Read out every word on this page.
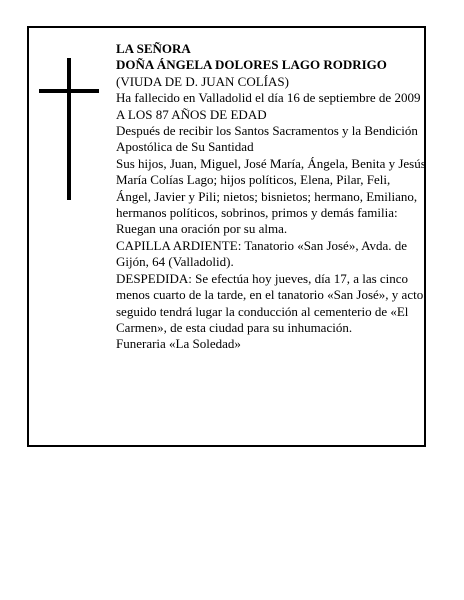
LA SEÑORA

DOÑA ÁNGELA DOLORES LAGO RODRIGO

(VIUDA DE D. JUAN COLÍAS)

Ha fallecido en Valladolid el día 16 de septiembre de 2009

A LOS 87 AÑOS DE EDAD

Después de recibir los Santos Sacramentos y la Bendición Apostólica de Su Santidad

Sus hijos, Juan, Miguel, José María, Ángela, Benita y Jesús María Colías Lago; hijos políticos, Elena, Pilar, Feli, Ángel, Javier y Pili; nietos; bisnietos; hermano, Emiliano, hermanos políticos, sobrinos, primos y demás familia:

Ruegan una oración por su alma.

CAPILLA ARDIENTE: Tanatorio «San José», Avda. de Gijón, 64 (Valladolid).

DESPEDIDA: Se efectúa hoy jueves, día 17, a las cinco menos cuarto de la tarde, en el tanatorio «San José», y acto seguido tendrá lugar la conducción al cementerio de «El Carmen», de esta ciudad para su inhumación.

Funeraria «La Soledad»
